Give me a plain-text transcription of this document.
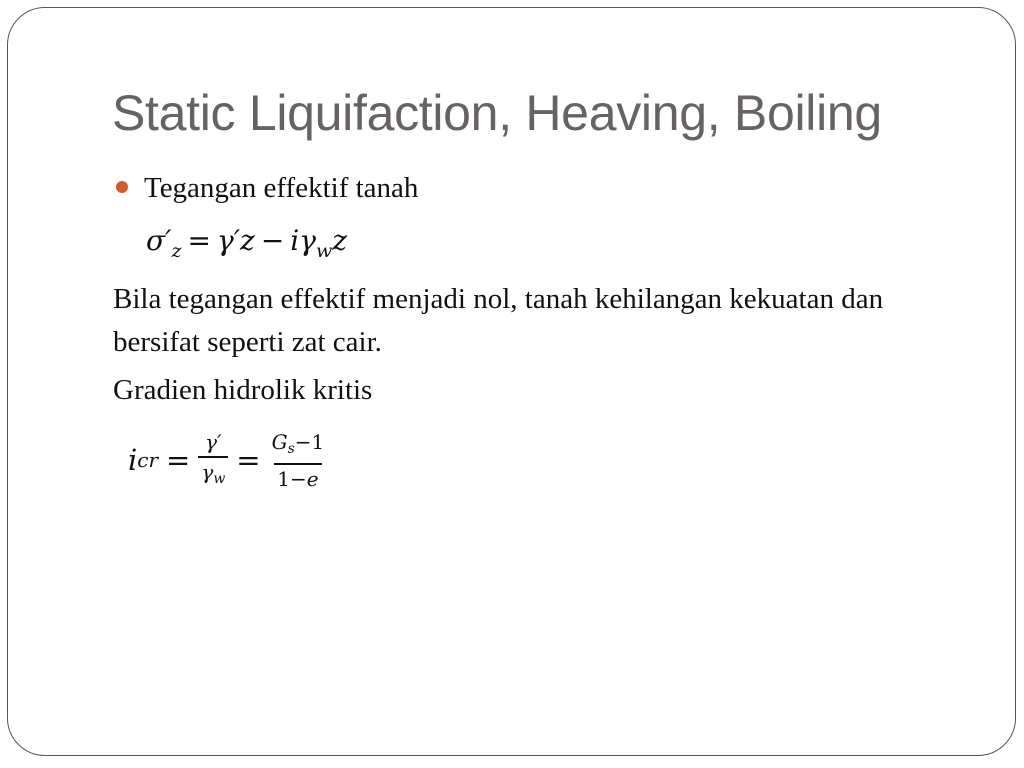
Static Liquifaction, Heaving, Boiling
Tegangan effektif tanah
$\sigma'_z = \gamma'z - i\gamma_wz$
Bila tegangan effektif menjadi nol, tanah kehilangan kekuatan dan bersifat seperti zat cair.
Gradien hidrolik kritis
i cr = $\frac{\gamma'}{\gamma_w} = \frac{G_s-1}{1-e}$
